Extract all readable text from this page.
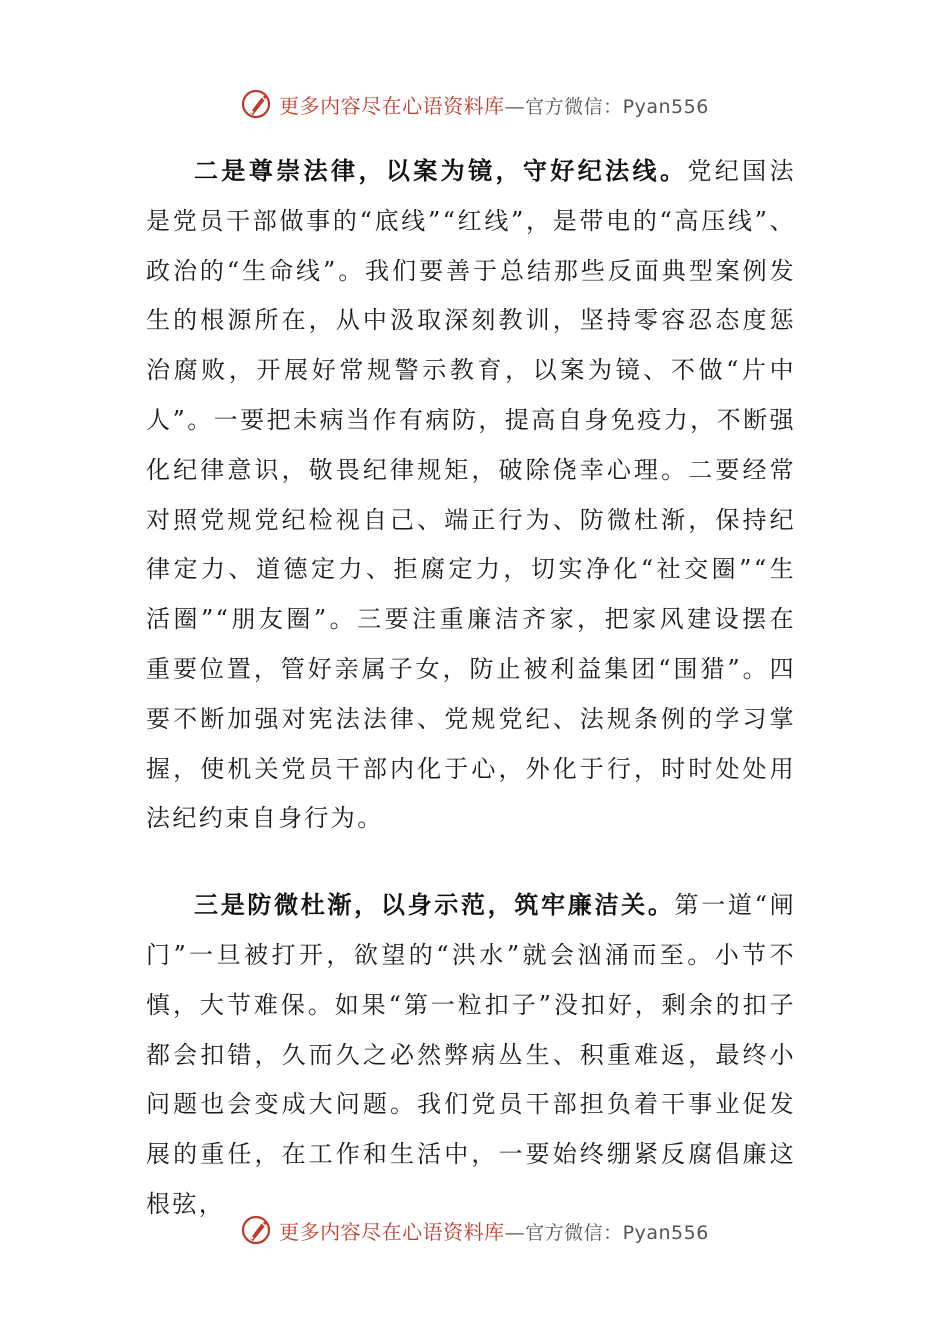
更多内容尽在心语资料库—官方微信：Pyan556

二是尊崇法律，以案为镜，守好纪法线。党纪国法是党员干部做事的“底线”“红线”，是带电的“高压线”、政治的“生命线”。我们要善于总结那些反面典型案例发生的根源所在，从中汲取深刻教训，坚持零容忍态度惩治腐败，开展好常规警示教育，以案为镜、不做“片中人”。一要把未病当作有病防，提高自身免疫力，不断强化纪律意识，敬畏纪律规矩，破除侥幸心理。二要经常对照党规党纪检视自己、端正行为、防微杜渐，保持纪律定力、道德定力、拒腐定力，切实净化“社交圈”“生活圈”“朋友圈”。三要注重廉洁齐家，把家风建设摆在重要位置，管好亲属子女，防止被利益集团“围猎”。四要不断加强对宪法法律、党规党纪、法规条例的学习掌握，使机关党员干部内化于心，外化于行，时时处处用法纪约束自身行为。

三是防微杜渐，以身示范，筑牢廉洁关。第一道“闸门”一旦被打开，欲望的“洪水”就会汹涌而至。小节不慎，大节难保。如果“第一粒扣子”没扣好，剩余的扣子都会扣错，久而久之必然弊病丛生、积重难返，最终小问题也会变成大问题。我们党员干部担负着干事业促发展的重任，在工作和生活中，一要始终绷紧反腐倡廉这根弦，

更多内容尽在心语资料库—官方微信：Pyan556
